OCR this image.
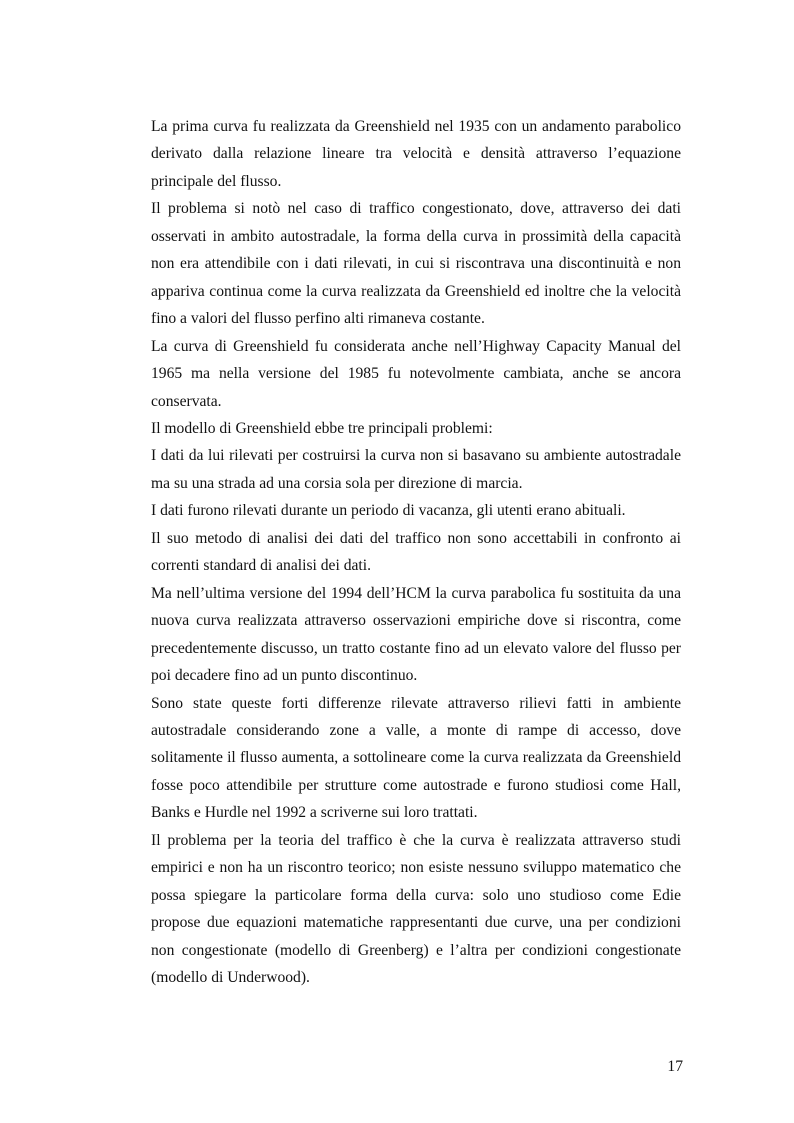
La prima curva fu realizzata da Greenshield nel 1935 con un andamento parabolico derivato dalla relazione lineare tra velocità e densità attraverso l’equazione principale del flusso.

Il problema si notò nel caso di traffico congestionato, dove, attraverso dei dati osservati in ambito autostradale, la forma della curva in prossimità della capacità non era attendibile con i dati rilevati, in cui si riscontrava una discontinuità e non appariva continua come la curva realizzata da Greenshield ed inoltre che la velocità fino a valori del flusso perfino alti rimaneva costante.

La curva di Greenshield fu considerata anche nell’Highway Capacity Manual del 1965 ma nella versione del 1985 fu notevolmente cambiata, anche se ancora conservata.

Il modello di Greenshield ebbe tre principali problemi:

I dati da lui rilevati per costruirsi la curva non si basavano su ambiente autostradale ma su una strada ad una corsia sola per direzione di marcia.

I dati furono rilevati durante un periodo di vacanza, gli utenti erano abituali.

Il suo metodo di analisi dei dati del traffico non sono accettabili in confronto ai correnti standard di analisi dei dati.

Ma nell’ultima versione del 1994 dell’HCM la curva parabolica fu sostituita da una nuova curva realizzata attraverso osservazioni empiriche dove si riscontra, come precedentemente discusso, un tratto costante fino ad un elevato valore del flusso per poi decadere fino ad un punto discontinuo.

Sono state queste forti differenze rilevate attraverso rilievi fatti in ambiente autostradale considerando zone a valle, a monte di rampe di accesso, dove solitamente il flusso aumenta, a sottolineare come la curva realizzata da Greenshield fosse poco attendibile per strutture come autostrade e furono studiosi come Hall, Banks e Hurdle nel 1992 a scriverne sui loro trattati.

Il problema per la teoria del traffico è che la curva è realizzata attraverso studi empirici e non ha un riscontro teorico; non esiste nessuno sviluppo matematico che possa spiegare la particolare forma della curva: solo uno studioso come Edie propose due equazioni matematiche rappresentanti due curve, una per condizioni non congestionate (modello di Greenberg) e l’altra per condizioni congestionate (modello di Underwood).

17
